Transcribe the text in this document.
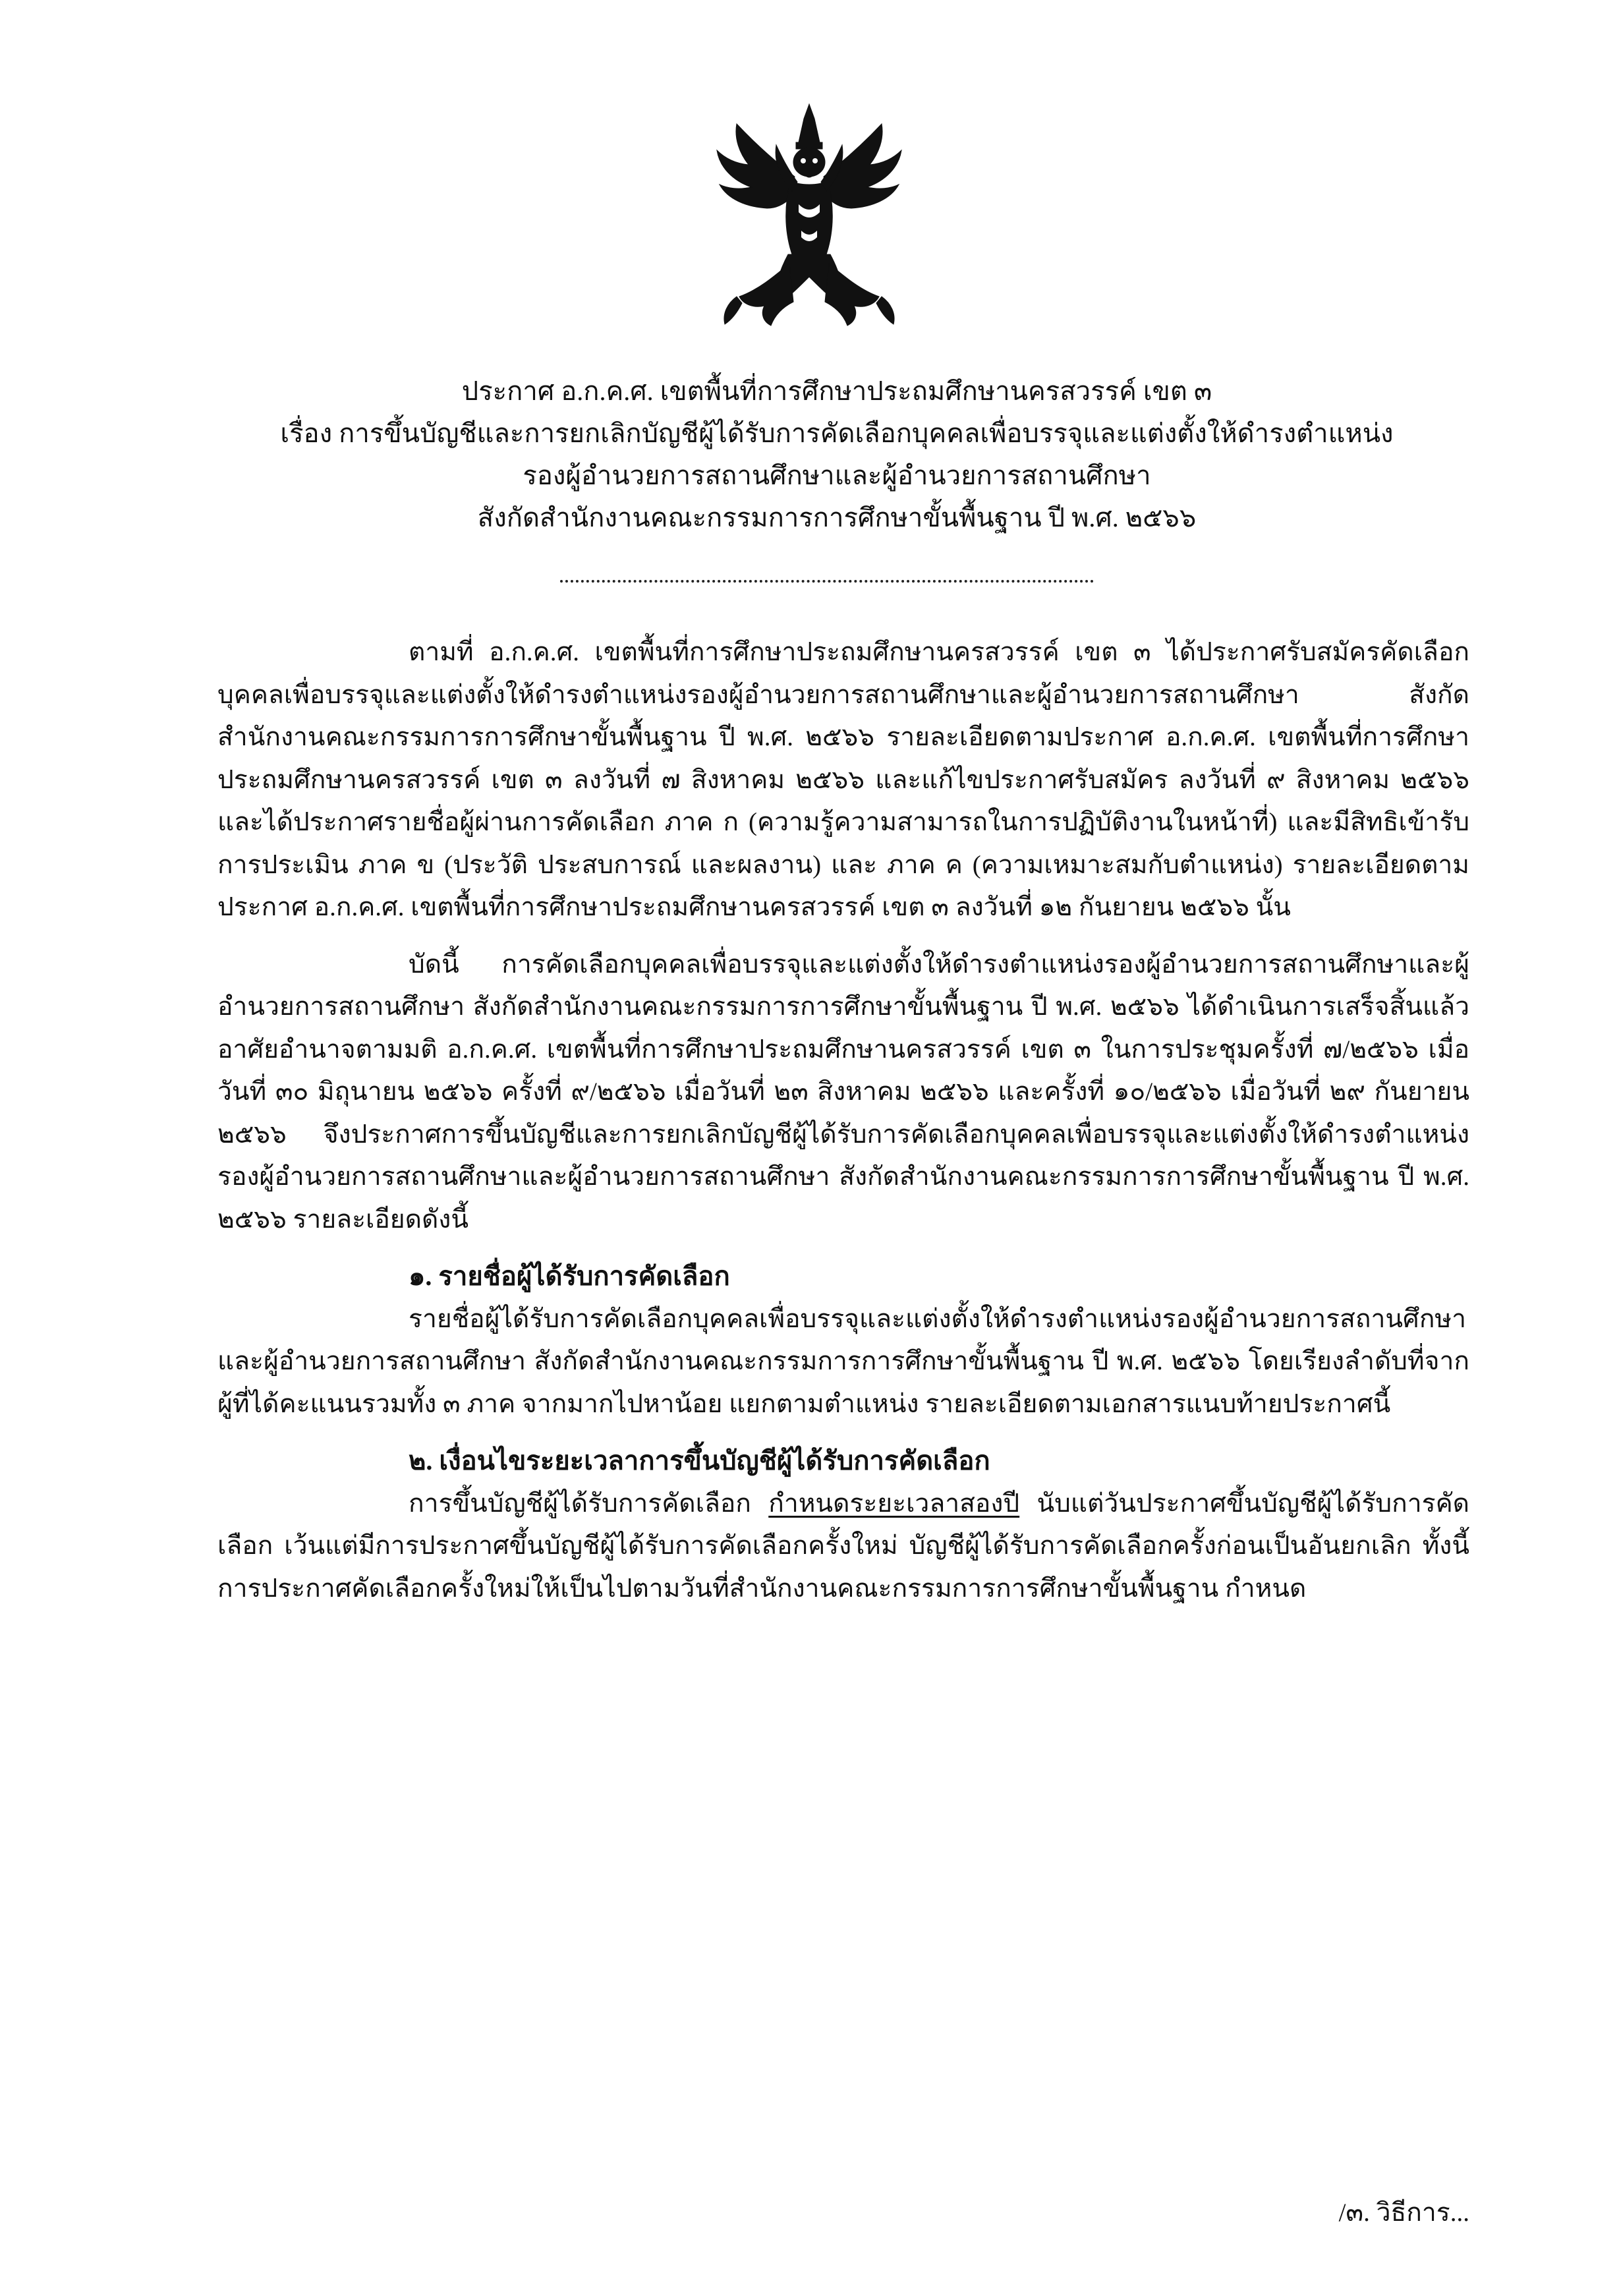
ประกาศ อ.ก.ค.ศ. เขตพื้นที่การศึกษาประถมศึกษานครสวรรค์ เขต ๓
เรื่อง การขึ้นบัญชีและการยกเลิกบัญชีผู้ได้รับการคัดเลือกบุคคลเพื่อบรรจุและแต่งตั้งให้ดำรงตำแหน่ง
รองผู้อำนวยการสถานศึกษาและผู้อำนวยการสถานศึกษา
สังกัดสำนักงานคณะกรรมการการศึกษาขั้นพื้นฐาน ปี พ.ศ. ๒๕๖๖

ตามที่ อ.ก.ค.ศ. เขตพื้นที่การศึกษาประถมศึกษานครสวรรค์ เขต ๓ ได้ประกาศรับสมัครคัดเลือกบุคคลเพื่อบรรจุและแต่งตั้งให้ดำรงตำแหน่งรองผู้อำนวยการสถานศึกษาและผู้อำนวยการสถานศึกษา สังกัดสำนักงานคณะกรรมการการศึกษาขั้นพื้นฐาน ปี พ.ศ. ๒๕๖๖ รายละเอียดตามประกาศ อ.ก.ค.ศ. เขตพื้นที่การศึกษาประถมศึกษานครสวรรค์ เขต ๓ ลงวันที่ ๗ สิงหาคม ๒๕๖๖ และแก้ไขประกาศรับสมัคร ลงวันที่ ๙ สิงหาคม ๒๕๖๖ และได้ประกาศรายชื่อผู้ผ่านการคัดเลือก ภาค ก (ความรู้ความสามารถในการปฏิบัติงานในหน้าที่) และมีสิทธิเข้ารับการประเมิน ภาค ข (ประวัติ ประสบการณ์ และผลงาน) และ ภาค ค (ความเหมาะสมกับตำแหน่ง) รายละเอียดตามประกาศ อ.ก.ค.ศ. เขตพื้นที่การศึกษาประถมศึกษานครสวรรค์ เขต ๓ ลงวันที่ ๑๒ กันยายน ๒๕๖๖ นั้น

บัดนี้ การคัดเลือกบุคคลเพื่อบรรจุและแต่งตั้งให้ดำรงตำแหน่งรองผู้อำนวยการสถานศึกษาและผู้อำนวยการสถานศึกษา สังกัดสำนักงานคณะกรรมการการศึกษาขั้นพื้นฐาน ปี พ.ศ. ๒๕๖๖ ได้ดำเนินการเสร็จสิ้นแล้ว อาศัยอำนาจตามมติ อ.ก.ค.ศ. เขตพื้นที่การศึกษาประถมศึกษานครสวรรค์ เขต ๓ ในการประชุมครั้งที่ ๗/๒๕๖๖ เมื่อวันที่ ๓๐ มิถุนายน ๒๕๖๖ ครั้งที่ ๙/๒๕๖๖ เมื่อวันที่ ๒๓ สิงหาคม ๒๕๖๖ และครั้งที่ ๑๐/๒๕๖๖ เมื่อวันที่ ๒๙ กันยายน ๒๕๖๖ จึงประกาศการขึ้นบัญชีและการยกเลิกบัญชีผู้ได้รับการคัดเลือกบุคคลเพื่อบรรจุและแต่งตั้งให้ดำรงตำแหน่งรองผู้อำนวยการสถานศึกษาและผู้อำนวยการสถานศึกษา สังกัดสำนักงานคณะกรรมการการศึกษาขั้นพื้นฐาน ปี พ.ศ. ๒๕๖๖ รายละเอียดดังนี้

๑. รายชื่อผู้ได้รับการคัดเลือก

รายชื่อผู้ได้รับการคัดเลือกบุคคลเพื่อบรรจุและแต่งตั้งให้ดำรงตำแหน่งรองผู้อำนวยการสถานศึกษาและผู้อำนวยการสถานศึกษา สังกัดสำนักงานคณะกรรมการการศึกษาขั้นพื้นฐาน ปี พ.ศ. ๒๕๖๖ โดยเรียงลำดับที่จากผู้ที่ได้คะแนนรวมทั้ง ๓ ภาค จากมากไปหาน้อย แยกตามตำแหน่ง รายละเอียดตามเอกสารแนบท้ายประกาศนี้

๒. เงื่อนไขระยะเวลาการขึ้นบัญชีผู้ได้รับการคัดเลือก

การขึ้นบัญชีผู้ได้รับการคัดเลือก กำหนดระยะเวลาสองปี นับแต่วันประกาศขึ้นบัญชีผู้ได้รับการคัดเลือก เว้นแต่มีการประกาศขึ้นบัญชีผู้ได้รับการคัดเลือกครั้งใหม่ บัญชีผู้ได้รับการคัดเลือกครั้งก่อนเป็นอันยกเลิก ทั้งนี้ การประกาศคัดเลือกครั้งใหม่ให้เป็นไปตามวันที่สำนักงานคณะกรรมการการศึกษาขั้นพื้นฐาน กำหนด

/๓. วิธีการ...
